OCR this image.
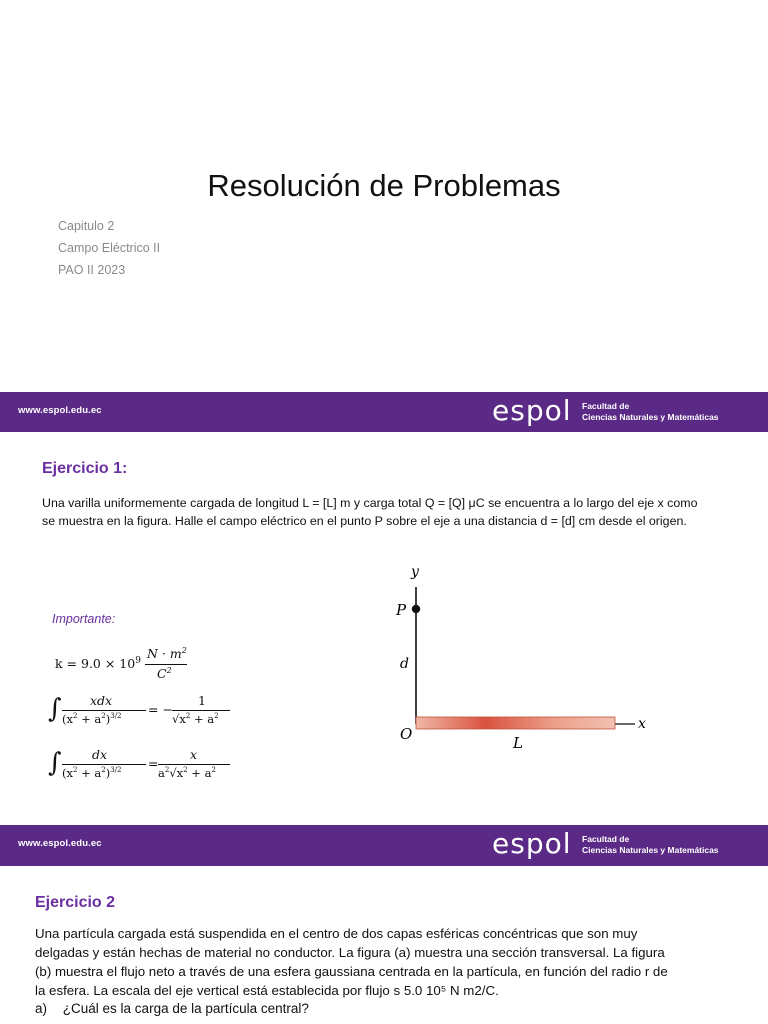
Resolución de Problemas
Capitulo 2
Campo Eléctrico II
PAO II 2023
www.espol.edu.ec	espol Facultad de
Ciencias Naturales y Matemáticas
Ejercicio 1:
Una varilla uniformemente cargada de longitud L = [L] m y carga total Q = [Q] μC se encuentra a lo largo del eje x como
se muestra en la figura. Halle el campo eléctrico en el punto P sobre el eje a una distancia d = [d] cm desde el origen.
Importante:
$k = 9.0 \times 10^9$ $N \cdot m^2$
$C^2$
∫ xdx
$(x^2 + a^2)^{3/2}$ = −
1
$√x^2 + a^2$
∫ dx
$(x^2 + a^2)^{3/2}$ =
x
$a^2√x^2 + a^2$
y
P
d
O	L
x
www.espol.edu.ec	espol Facultad de
Ciencias Naturales y Matemáticas
Ejercicio 2
Una partícula cargada está suspendida en el centro de dos capas esféricas concéntricas que son muy
delgadas y están hechas de material no conductor. La figura (a) muestra una sección transversal. La figura
(b) muestra el flujo neto a través de una esfera gaussiana centrada en la partícula, en función del radio r de
la esfera. La escala del eje vertical está establecida por flujo s 5.0 10⁵ N m2/C.
a) ¿Cuál es la carga de la partícula central?
